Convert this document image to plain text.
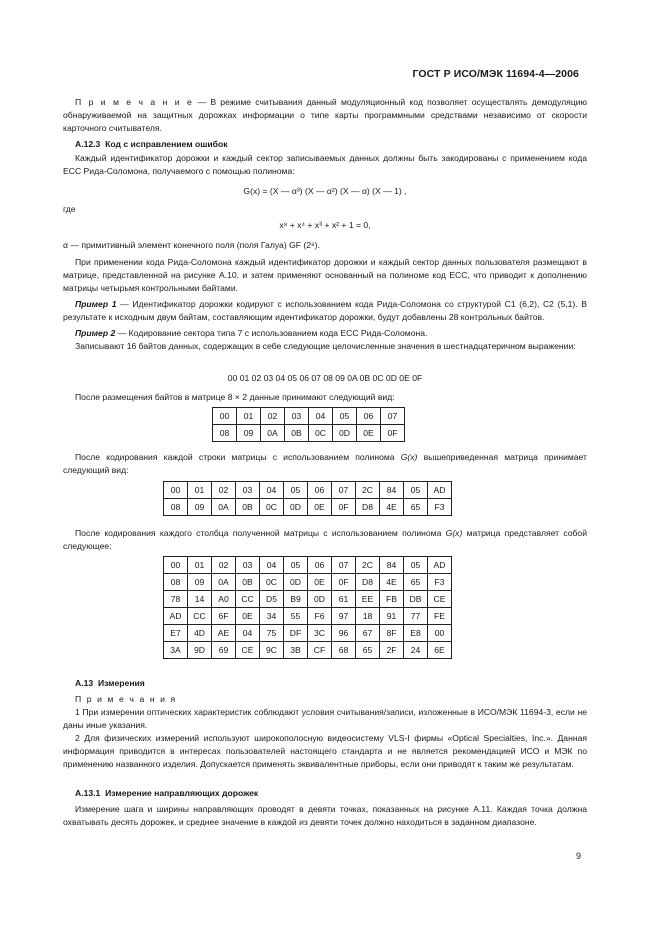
ГОСТ Р ИСО/МЭК 11694-4—2006

П р и м е ч а н и е — В режиме считывания данный модуляционный код позволяет осуществлять демодуляцию обнаруживаемой на защитных дорожках информации о типе карты программными средствами независимо от скорости карточного считывателя.

А.12.3 Код с исправлением ошибок

Каждый идентификатор дорожки и каждый сектор записываемых данных должны быть закодированы с применением кода ЕСС Рида-Соломона, получаемого с помощью полинома:

G(x) = (X — α³) (X — α²) (X — α) (X — 1) ,

где

x⁸ + x⁴ + x³ + x² + 1 = 0,

α — примитивный элемент конечного поля (поля Галуа) GF (2⁸).

При применении кода Рида-Соломона каждый идентификатор дорожки и каждый сектор данных пользователя размещают в матрице, представленной на рисунке А.10, и затем применяют основанный на полиноме код ЕСС, что приводит к дополнению матрицы четырьмя контрольными байтами.

Пример 1 — Идентификатор дорожки кодируют с использованием кода Рида-Соломона со структурой С1 (6,2), С2 (5,1). В результате к исходным двум байтам, составляющим идентификатор дорожки, будут добавлены 28 контрольных байтов.

Пример 2 — Кодирование сектора типа 7 с использованием кода ЕСС Рида-Соломона.

Записывают 16 байтов данных, содержащих в себе следующие целочисленные значения в шестнадцатеричном выражении:

00 01 02 03 04 05 06 07 08 09 0A 0B 0C 0D 0E 0F

После размещения байтов в матрице 8 × 2 данные принимают следующий вид:

00	01	02	03	04	05	06	07
08	09	0A	0B	0C	0D	0E	0F

После кодирования каждой строки матрицы с использованием полинома G(x) вышеприведенная матрица принимает следующий вид:

00	01	02	03	04	05	06	07	2C	84	05	AD
08	09	0A	0B	0C	0D	0E	0F	D8	4E	65	F3

После кодирования каждого столбца полученной матрицы с использованием полинома G(x) матрица представляет собой следующее:

00	01	02	03	04	05	06	07	2C	84	05	AD
08	09	0A	0B	0C	0D	0E	0F	D8	4E	65	F3
78	14	A0	CC	D5	B9	0D	61	EE	FB	DB	CE
AD	CC	6F	0E	34	55	F6	97	18	91	77	FE
E7	4D	AE	04	75	DF	3C	96	67	8F	E8	00
3A	9D	69	CE	9C	3B	CF	68	65	2F	24	6E

А.13 Измерения

П р и м е ч а н и я

1 При измерении оптических характеристик соблюдают условия считывания/записи, изложенные в ИСО/МЭК 11694-3, если не даны иные указания.

2 Для физических измерений используют широкополосную видеосистему VLS-I фирмы «Optical Specialties, Inc.». Данная информация приводится в интересах пользователей настоящего стандарта и не является рекомендацией ИСО и МЭК по применению названного изделия. Допускается применять эквивалентные приборы, если они приводят к таким же результатам.

А.13.1 Измерение направляющих дорожек

Измерение шага и ширины направляющих проводят в девяти точках, показанных на рисунке А.11. Каждая точка должна охватывать десять дорожек, и среднее значение в каждой из девяти точек должно находиться в заданном диапазоне.

9
